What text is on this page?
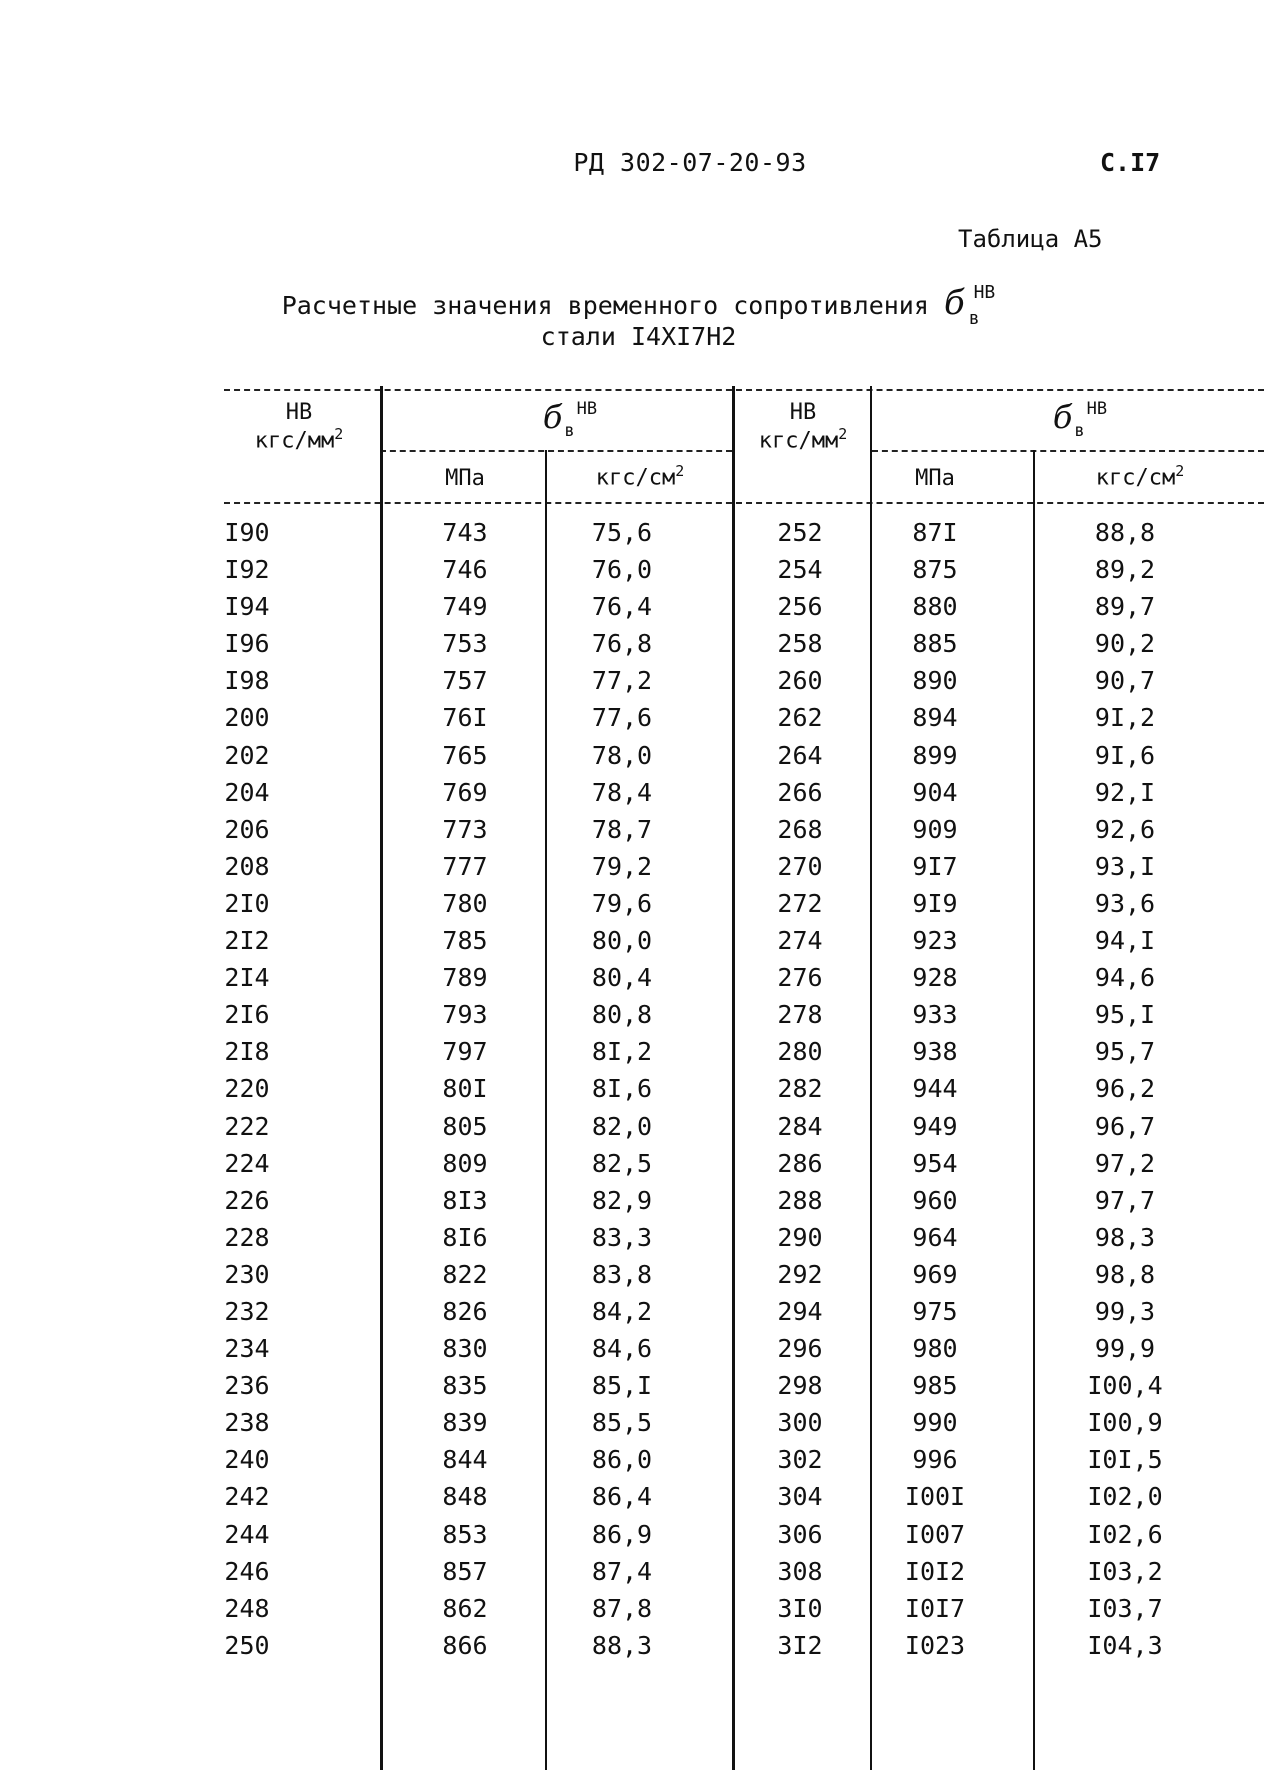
РД 302-07-20-93	С.I7
Таблица А5
Расчетные значения временного сопротивления б $_в^{HB}$
стали I4XI7H2
HB
кгс/$мм^2$	б $_в^{HB}$
МПа	кгс/$см^2$
HB
кгс/$мм^2$	б $_в^{HB}$
МПа	кгс/$см^2$
I90	743	75,6	252	87I	88,8
I92	746	76,0	254	875	89,2
I94	749	76,4	256	880	89,7
I96	753	76,8	258	885	90,2
I98	757	77,2	260	890	90,7
200	76I	77,6	262	894	9I,2
202	765	78,0	264	899	9I,6
204	769	78,4	266	904	92,I
206	773	78,7	268	909	92,6
208	777	79,2	270	9I7	93,I
2I0	780	79,6	272	9I9	93,6
2I2	785	80,0	274	923	94,I
2I4	789	80,4	276	928	94,6
2I6	793	80,8	278	933	95,I
2I8	797	8I,2	280	938	95,7
220	80I	8I,6	282	944	96,2
222	805	82,0	284	949	96,7
224	809	82,5	286	954	97,2
226	8I3	82,9	288	960	97,7
228	8I6	83,3	290	964	98,3
230	822	83,8	292	969	98,8
232	826	84,2	294	975	99,3
234	830	84,6	296	980	99,9
236	835	85,I	298	985	I00,4
238	839	85,5	300	990	I00,9
240	844	86,0	302	996	I0I,5
242	848	86,4	304	I00I	I02,0
244	853	86,9	306	I007	I02,6
246	857	87,4	308	I0I2	I03,2
248	862	87,8	3I0	I0I7	I03,7
250	866	88,3	3I2	I023	I04,3
